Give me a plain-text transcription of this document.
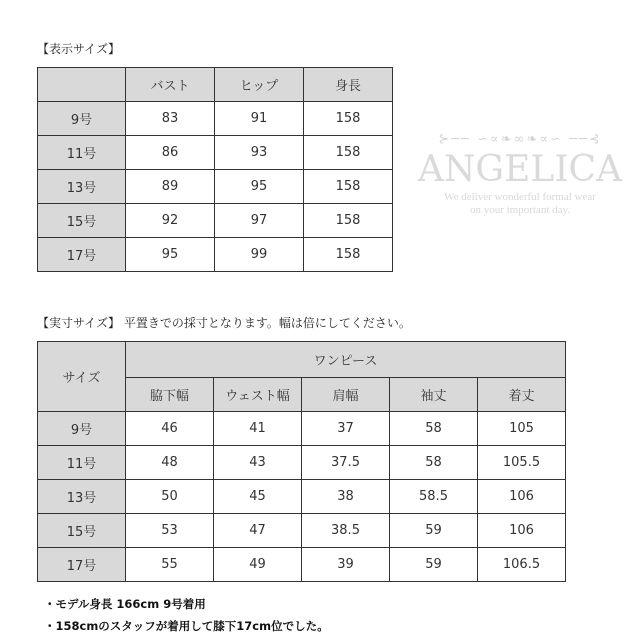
【表示サイズ】
	バスト	ヒップ	身長
9号	83	91	158
11号	86	93	158
13号	89	95	158
15号	92	97	158
17号	95	99	158
⊱── ∽∝❧∞❧∝∽ ──⊰
ANGELICA
We deliver wonderful formal wear
on your important day.
【実寸サイズ】 平置きでの採寸となります。幅は倍にしてください。
サイズ	ワンピース				
	脇下幅	ウェスト幅	肩幅	袖丈	着丈
9号	46	41	37	58	105
11号	48	43	37.5	58	105.5
13号	50	45	38	58.5	106
15号	53	47	38.5	59	106
17号	55	49	39	59	106.5
・モデル身長 166cm 9号着用
・158cmのスタッフが着用して膝下17cm位でした。
